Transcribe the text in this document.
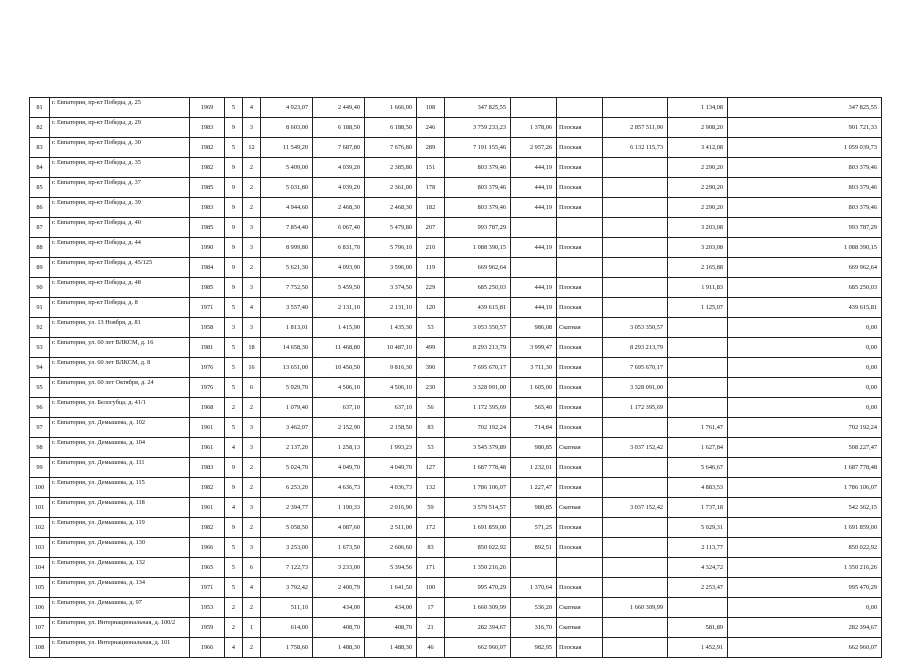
81	г. Евпатория, пр-кт Победы, д. 25	1969	5	4	4 923,07	2 449,40	1 666,00	108	347 825,55				1 134,08	347 825,55
82	г. Евпатория, пр-кт Победы, д. 29	1983	9	3	8 603,00	6 188,50	6 188,50	246	3 759 233,23	1 378,06	Плоская	2 857 511,90	2 908,20	901 721,33
83	г. Евпатория, пр-кт Победы, д. 30	1982	5	12	11 549,20	7 687,80	7 676,80	289	7 191 155,46	2 957,26	Плоская	6 132 115,73	3 412,08	1 059 039,73
84	г. Евпатория, пр-кт Победы, д. 35	1982	9	2	5 409,00	4 039,20	2 385,80	151	803 379,46	444,19	Плоская		2 290,20	803 379,46
85	г. Евпатория, пр-кт Победы, д. 37	1985	9	2	5 031,80	4 039,20	2 361,00	178	803 379,46	444,19	Плоская		2 290,20	803 379,46
86	г. Евпатория, пр-кт Победы, д. 39	1983	9	2	4 944,60	2 468,30	2 468,30	182	803 379,46	444,19	Плоская		2 290,20	803 379,46
87	г. Евпатория, пр-кт Победы, д. 40	1985	9	3	7 854,40	6 067,40	5 479,80	207	993 787,29				3 203,08	993 787,29
88	г. Евпатория, пр-кт Победы, д. 44	1990	9	3	8 999,80	6 831,70	5 796,10	210	1 088 390,15	444,19	Плоская		3 203,08	1 088 390,15
89	г. Евпатория, пр-кт Победы, д. 45/125	1984	9	2	5 621,30	4 093,90	3 596,00	119	669 962,64				2 165,88	669 962,64
90	г. Евпатория, пр-кт Победы, д. 48	1985	9	3	7 752,50	5 459,50	3 374,50	229	685 250,03	444,19	Плоская		1 911,83	685 250,03
91	г. Евпатория, пр-кт Победы, д. 8	1971	5	4	3 557,40	2 131,10	2 131,10	120	439 615,81	444,19	Плоская		1 125,07	439 615,81
92	г. Евпатория, ул. 13 Ноября, д. 81	1958	3	3	1 813,01	1 415,90	1 435,30	53	3 053 350,57	986,08	Скатная	3 053 350,57		0,00
93	г. Евпатория, ул. 60 лет ВЛКСМ, д. 16	1981	5	18	14 658,30	11 468,80	10 487,10	499	8 293 213,79	3 999,47	Плоская	8 293 213,79		0,00
94	г. Евпатория, ул. 60 лет ВЛКСМ, д. 8	1976	5	16	13 651,00	10 450,50	9 816,30	390	7 695 670,17	3 711,30	Плоская	7 695 670,17		0,00
95	г. Евпатория, ул. 60 лет Октября, д. 24	1976	5	6	5 929,70	4 506,10	4 506,10	230	3 328 091,00	1 605,00	Плоская	3 328 091,00		0,00
96	г. Евпатория, ул. Белогубца, д. 41/1	1968	2	2	1 079,40	637,10	637,10	56	1 172 395,69	565,40	Плоская	1 172 395,69		0,00
97	г. Евпатория, ул. Демышева, д. 102	1961	5	3	3 462,07	2 152,90	2 158,50	83	702 192,24	714,84	Плоская		1 761,47	702 192,24
98	г. Евпатория, ул. Демышева, д. 104	1961	4	3	2 137,20	1 258,13	1 993,23	53	3 545 379,89	980,85	Скатная	3 037 152,42	1 627,84	508 227,47
99	г. Евпатория, ул. Демышева, д. 111	1983	9	2	5 024,70	4 049,70	4 049,70	127	1 687 778,48	1 232,01	Плоская		5 646,67	1 687 778,48
100	г. Евпатория, ул. Демышева, д. 115	1982	9	2	6 253,20	4 636,73	4 036,73	132	1 786 106,07	1 227,47	Плоская		4 883,53	1 786 106,07
101	г. Евпатория, ул. Демышева, д. 118	1961	4	3	2 394,77	1 190,33	2 016,90	59	3 579 514,57	980,85	Скатная	3 037 152,42	1 737,18	542 362,15
102	г. Евпатория, ул. Демышева, д. 119	1982	9	2	5 058,50	4 087,60	2 511,00	172	1 691 859,00	571,25	Плоская		5 029,31	1 691 859,00
103	г. Евпатория, ул. Демышева, д. 130	1966	5	3	3 253,00	1 673,50	2 606,60	83	850 022,92	892,51	Плоская		2 113,77	850 022,92
104	г. Евпатория, ул. Демышева, д. 132	1965	5	6	7 122,73	3 233,00	5 394,56	171	1 350 216,26				4 324,72	1 350 216,26
105	г. Евпатория, ул. Демышева, д. 134	1971	5	4	3 792,42	2 400,79	1 641,50	100	995 470,29	1 370,64	Плоская		2 253,47	995 470,29
106	г. Евпатория, ул. Демышева, д. 97	1953	2	2	511,10	434,00	434,00	17	1 660 309,99	536,20	Скатная	1 660 309,99		0,00
107	г. Евпатория, ул. Интернациональная, д. 100/2	1959	2	1	614,00	408,70	408,70	21	282 394,67	316,70	Скатная		581,89	282 394,67
108	г. Евпатория, ул. Интернациональная, д. 101	1966	4	2	1 758,60	1 488,30	1 488,30	46	662 960,07	982,95	Плоская		1 452,91	662 960,07
